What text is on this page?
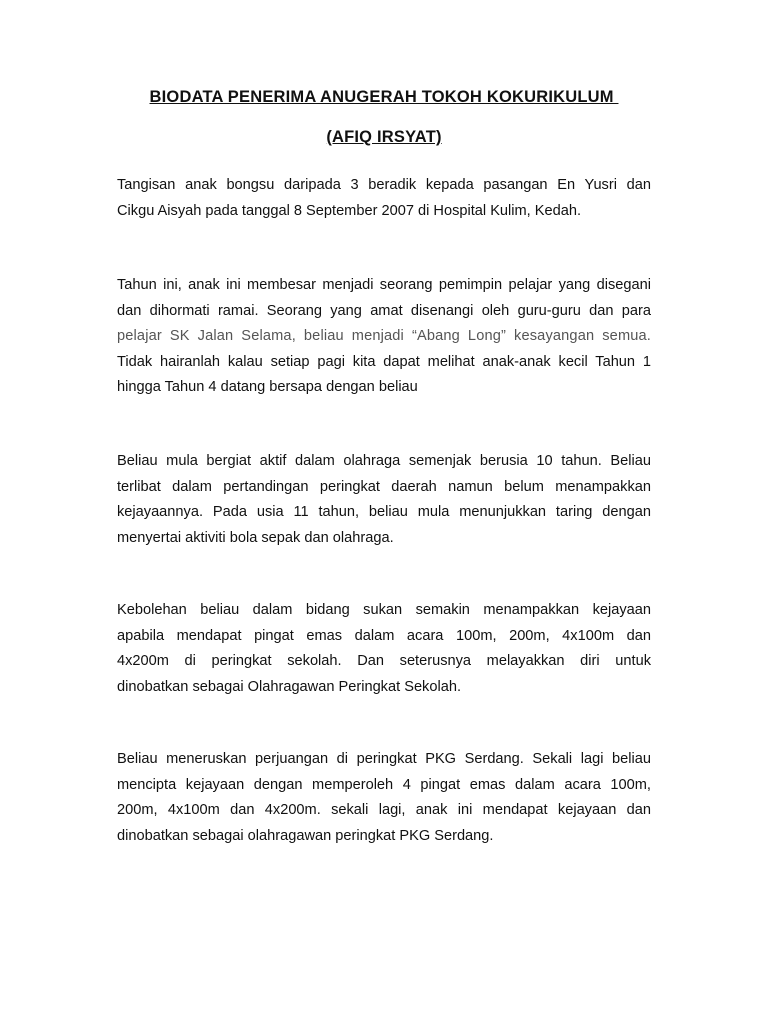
BIODATA PENERIMA ANUGERAH TOKOH KOKURIKULUM
(AFIQ IRSYAT)
Tangisan anak bongsu daripada 3 beradik kepada pasangan En Yusri dan
Cikgu Aisyah pada tanggal 8 September 2007 di Hospital Kulim, Kedah.
Tahun ini, anak ini membesar menjadi seorang pemimpin pelajar yang disegani
dan dihormati ramai. Seorang yang amat disenangi oleh guru-guru dan para
pelajar SK Jalan Selama, beliau menjadi “Abang Long” kesayangan semua.
Tidak hairanlah kalau setiap pagi kita dapat melihat anak-anak kecil Tahun 1
hingga Tahun 4 datang bersapa dengan beliau
Beliau mula bergiat aktif dalam olahraga semenjak berusia 10 tahun. Beliau
terlibat dalam pertandingan peringkat daerah namun belum menampakkan
kejayaannya. Pada usia 11 tahun, beliau mula menunjukkan taring dengan
menyertai aktiviti bola sepak dan olahraga.
Kebolehan beliau dalam bidang sukan semakin menampakkan kejayaan
apabila mendapat pingat emas dalam acara 100m, 200m, 4x100m dan
4x200m di peringkat sekolah. Dan seterusnya melayakkan diri untuk
dinobatkan sebagai Olahragawan Peringkat Sekolah.
Beliau meneruskan perjuangan di peringkat PKG Serdang. Sekali lagi beliau
mencipta kejayaan dengan memperoleh 4 pingat emas dalam acara 100m,
200m, 4x100m dan 4x200m. sekali lagi, anak ini mendapat kejayaan dan
dinobatkan sebagai olahragawan peringkat PKG Serdang.
